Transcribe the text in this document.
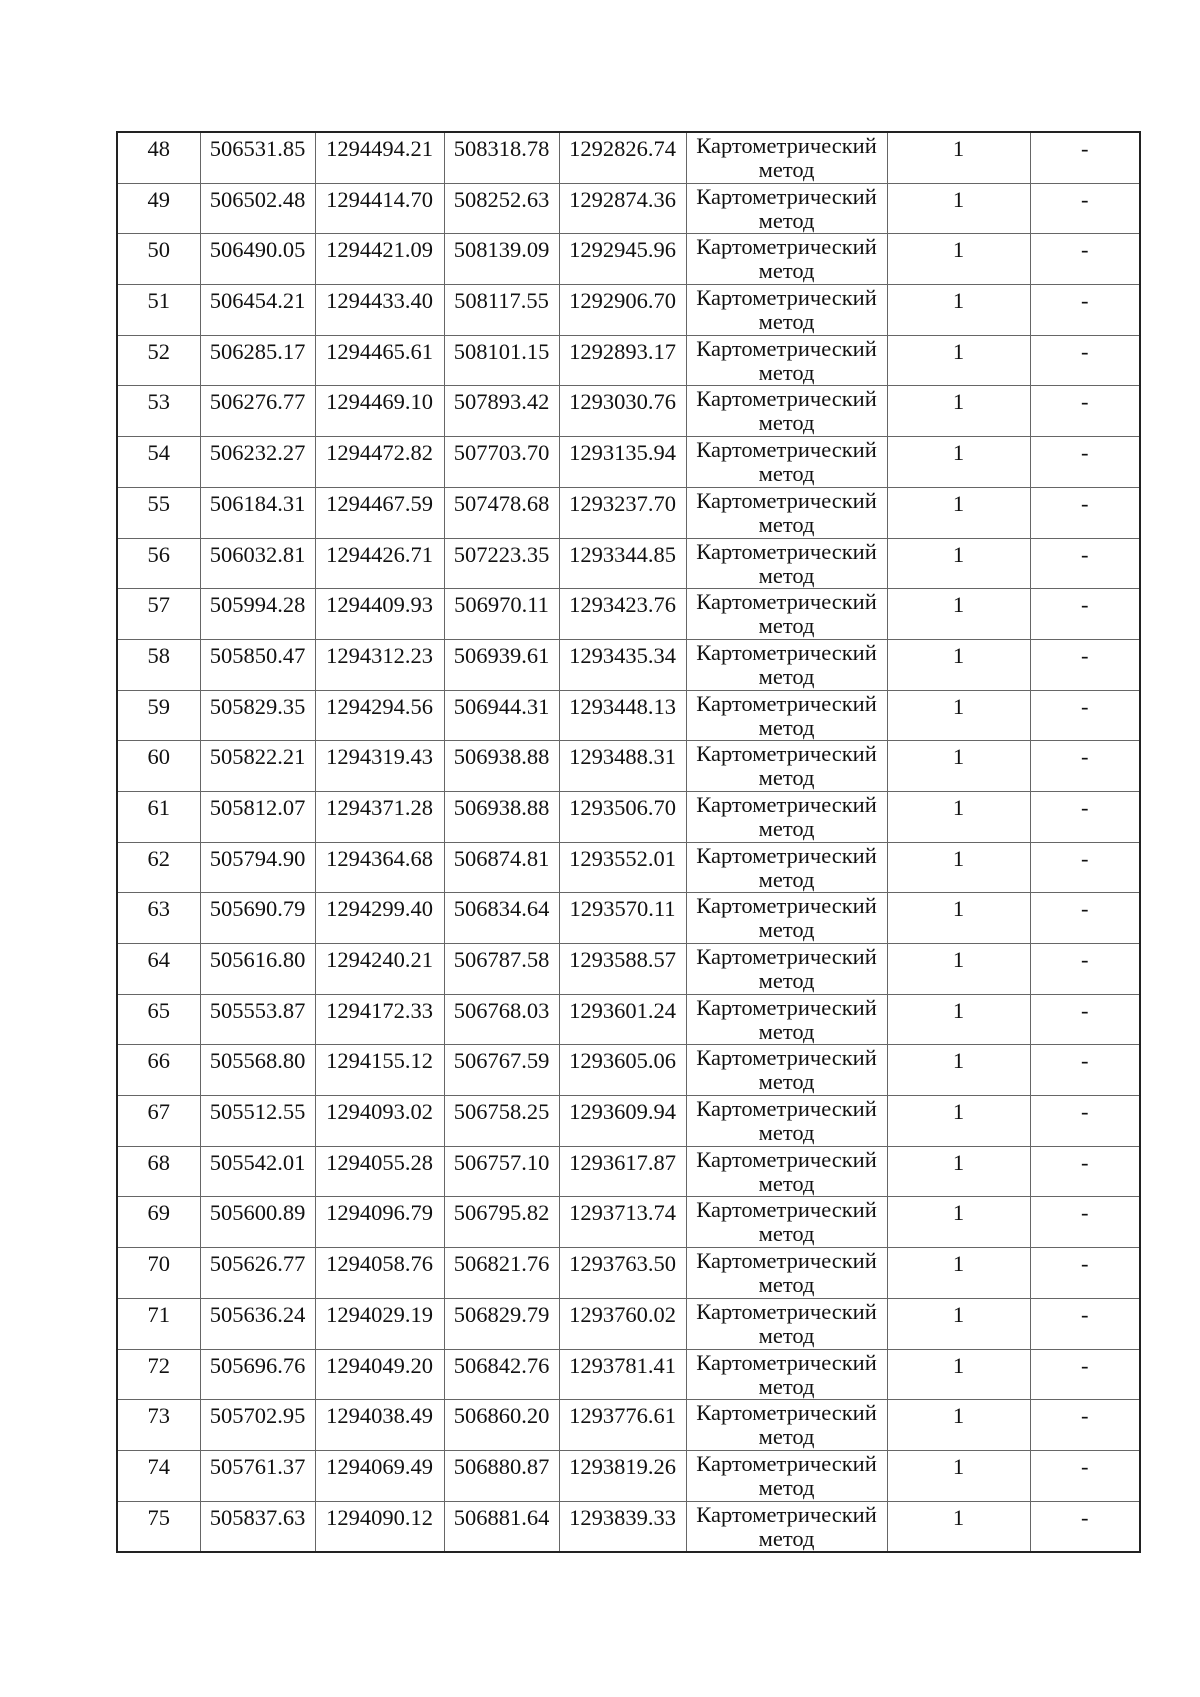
48	506531.85	1294494.21	508318.78	1292826.74	Картометрический
метод	1	-

49	506502.48	1294414.70	508252.63	1292874.36	Картометрический
метод	1	-

50	506490.05	1294421.09	508139.09	1292945.96	Картометрический
метод	1	-

51	506454.21	1294433.40	508117.55	1292906.70	Картометрический
метод	1	-

52	506285.17	1294465.61	508101.15	1292893.17	Картометрический
метод	1	-

53	506276.77	1294469.10	507893.42	1293030.76	Картометрический
метод	1	-

54	506232.27	1294472.82	507703.70	1293135.94	Картометрический
метод	1	-

55	506184.31	1294467.59	507478.68	1293237.70	Картометрический
метод	1	-

56	506032.81	1294426.71	507223.35	1293344.85	Картометрический
метод	1	-

57	505994.28	1294409.93	506970.11	1293423.76	Картометрический
метод	1	-

58	505850.47	1294312.23	506939.61	1293435.34	Картометрический
метод	1	-

59	505829.35	1294294.56	506944.31	1293448.13	Картометрический
метод	1	-

60	505822.21	1294319.43	506938.88	1293488.31	Картометрический
метод	1	-

61	505812.07	1294371.28	506938.88	1293506.70	Картометрический
метод	1	-

62	505794.90	1294364.68	506874.81	1293552.01	Картометрический
метод	1	-

63	505690.79	1294299.40	506834.64	1293570.11	Картометрический
метод	1	-

64	505616.80	1294240.21	506787.58	1293588.57	Картометрический
метод	1	-

65	505553.87	1294172.33	506768.03	1293601.24	Картометрический
метод	1	-

66	505568.80	1294155.12	506767.59	1293605.06	Картометрический
метод	1	-

67	505512.55	1294093.02	506758.25	1293609.94	Картометрический
метод	1	-

68	505542.01	1294055.28	506757.10	1293617.87	Картометрический
метод	1	-

69	505600.89	1294096.79	506795.82	1293713.74	Картометрический
метод	1	-

70	505626.77	1294058.76	506821.76	1293763.50	Картометрический
метод	1	-

71	505636.24	1294029.19	506829.79	1293760.02	Картометрический
метод	1	-

72	505696.76	1294049.20	506842.76	1293781.41	Картометрический
метод	1	-

73	505702.95	1294038.49	506860.20	1293776.61	Картометрический
метод	1	-

74	505761.37	1294069.49	506880.87	1293819.26	Картометрический
метод	1	-

75	505837.63	1294090.12	506881.64	1293839.33	Картометрический
метод	1	-
